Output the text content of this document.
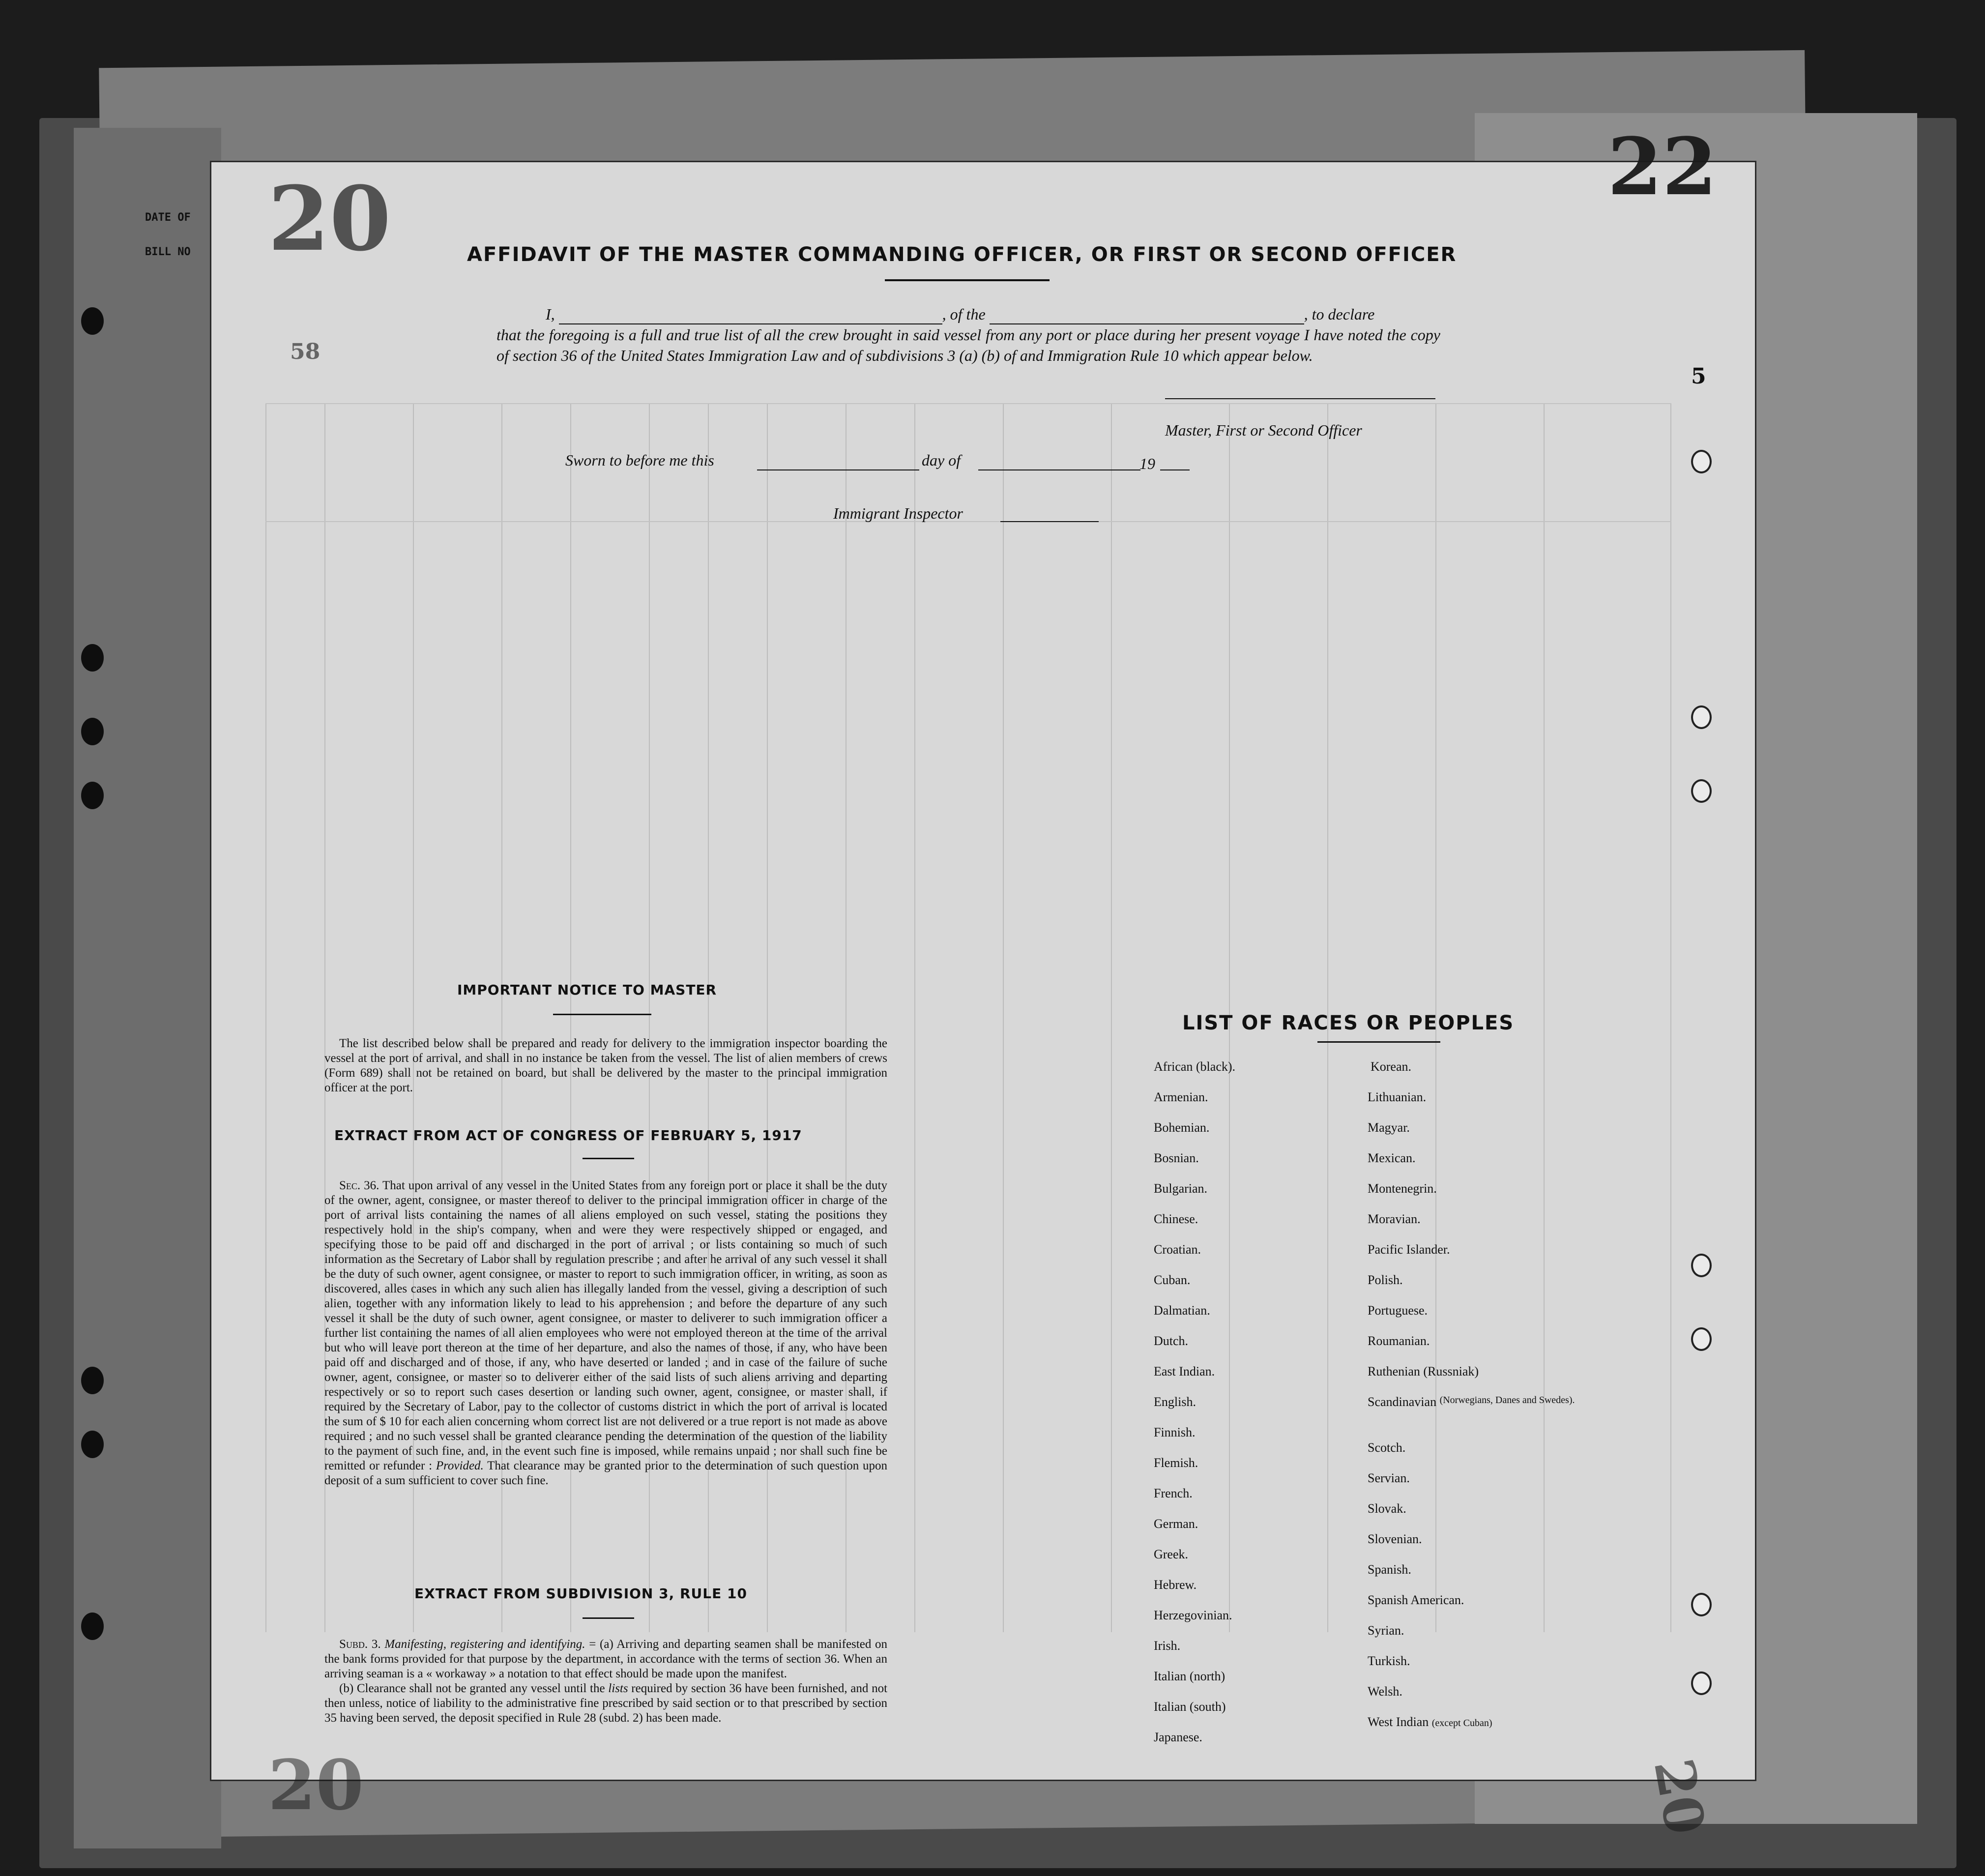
DATE OF
BILL NO
22
20
20
58
5
20
AFFIDAVIT OF THE MASTER COMMANDING OFFICER, OR FIRST OR SECOND OFFICER
I,	, of the	, to declare
that the foregoing is a full and true list of all the crew brought in said vessel from any port or place during her present voyage I have noted the copy of section 36 of the United States Immigration Law and of subdivisions 3 (a) (b) of and Immigration Rule 10 which appear below.
Master, First or Second Officer
Sworn to before me this	day of	19
Immigrant Inspector
IMPORTANT NOTICE TO MASTER
The list described below shall be prepared and ready for delivery to the immigration inspector boarding the vessel at the port of arrival, and shall in no instance be taken from the vessel. The list of alien members of crews (Form 689) shall not be retained on board, but shall be delivered by the master to the principal immigration officer at the port.
EXTRACT FROM ACT OF CONGRESS OF FEBRUARY 5, 1917
Sec. 36. That upon arrival of any vessel in the United States from any foreign port or place it shall be the duty of the owner, agent, consignee, or master thereof to deliver to the principal immigration officer in charge of the port of arrival lists containing the names of all aliens employed on such vessel, stating the positions they respectively hold in the ship's company, when and were they were respectively shipped or engaged, and specifying those to be paid off and discharged in the port of arrival ; or lists containing so much of such information as the Secretary of Labor shall by regulation prescribe ; and after he arrival of any such vessel it shall be the duty of such owner, agent consignee, or master to report to such immigration officer, in writing, as soon as discovered, alles cases in which any such alien has illegally landed from the vessel, giving a description of such alien, together with any information likely to lead to his apprehension ; and before the departure of any such vessel it shall be the duty of such owner, agent consignee, or master to deliverer to such immigration officer a further list containing the names of all alien employees who were not employed thereon at the time of the arrival but who will leave port thereon at the time of her departure, and also the names of those, if any, who have been paid off and discharged and of those, if any, who have deserted or landed ; and in case of the failure of suche owner, agent, consignee, or master so to deliverer either of the said lists of such aliens arriving and departing respectively or so to report such cases desertion or landing such owner, agent, consignee, or master shall, if required by the Secretary of Labor, pay to the collector of customs district in which the port of arrival is located the sum of $ 10 for each alien concerning whom correct list are not delivered or a true report is not made as above required ; and no such vessel shall be granted clearance pending the determination of the question of the liability to the payment of such fine, and, in the event such fine is imposed, while remains unpaid ; nor shall such fine be remitted or refunder : Provided. That clearance may be granted prior to the determination of such question upon deposit of a sum sufficient to cover such fine.
EXTRACT FROM SUBDIVISION 3, RULE 10
Subd. 3. Manifesting, registering and identifying. = (a) Arriving and departing seamen shall be manifested on the bank forms provided for that purpose by the department, in accordance with the terms of section 36. When an arriving seaman is a « workaway » a notation to that effect should be made upon the manifest.
(b) Clearance shall not be granted any vessel until the lists required by section 36 have been furnished, and not then unless, notice of liability to the administrative fine prescribed by said section or to that prescribed by section 35 having been served, the deposit specified in Rule 28 (subd. 2) has been made.
LIST OF RACES OR PEOPLES
African (black).
Armenian.
Bohemian.
Bosnian.
Bulgarian.
Chinese.
Croatian.
Cuban.
Dalmatian.
Dutch.
East Indian.
English.
Finnish.
Flemish.
French.
German.
Greek.
Hebrew.
Herzegovinian.
Irish.
Italian (north)
Italian (south)
Japanese.
Korean.
Lithuanian.
Magyar.
Mexican.
Montenegrin.
Moravian.
Pacific Islander.
Polish.
Portuguese.
Roumanian.
Ruthenian (Russniak)
Scandinavian (Norwegians, Danes and Swedes).
Scotch.
Servian.
Slovak.
Slovenian.
Spanish.
Spanish American.
Syrian.
Turkish.
Welsh.
West Indian (except Cuban)
